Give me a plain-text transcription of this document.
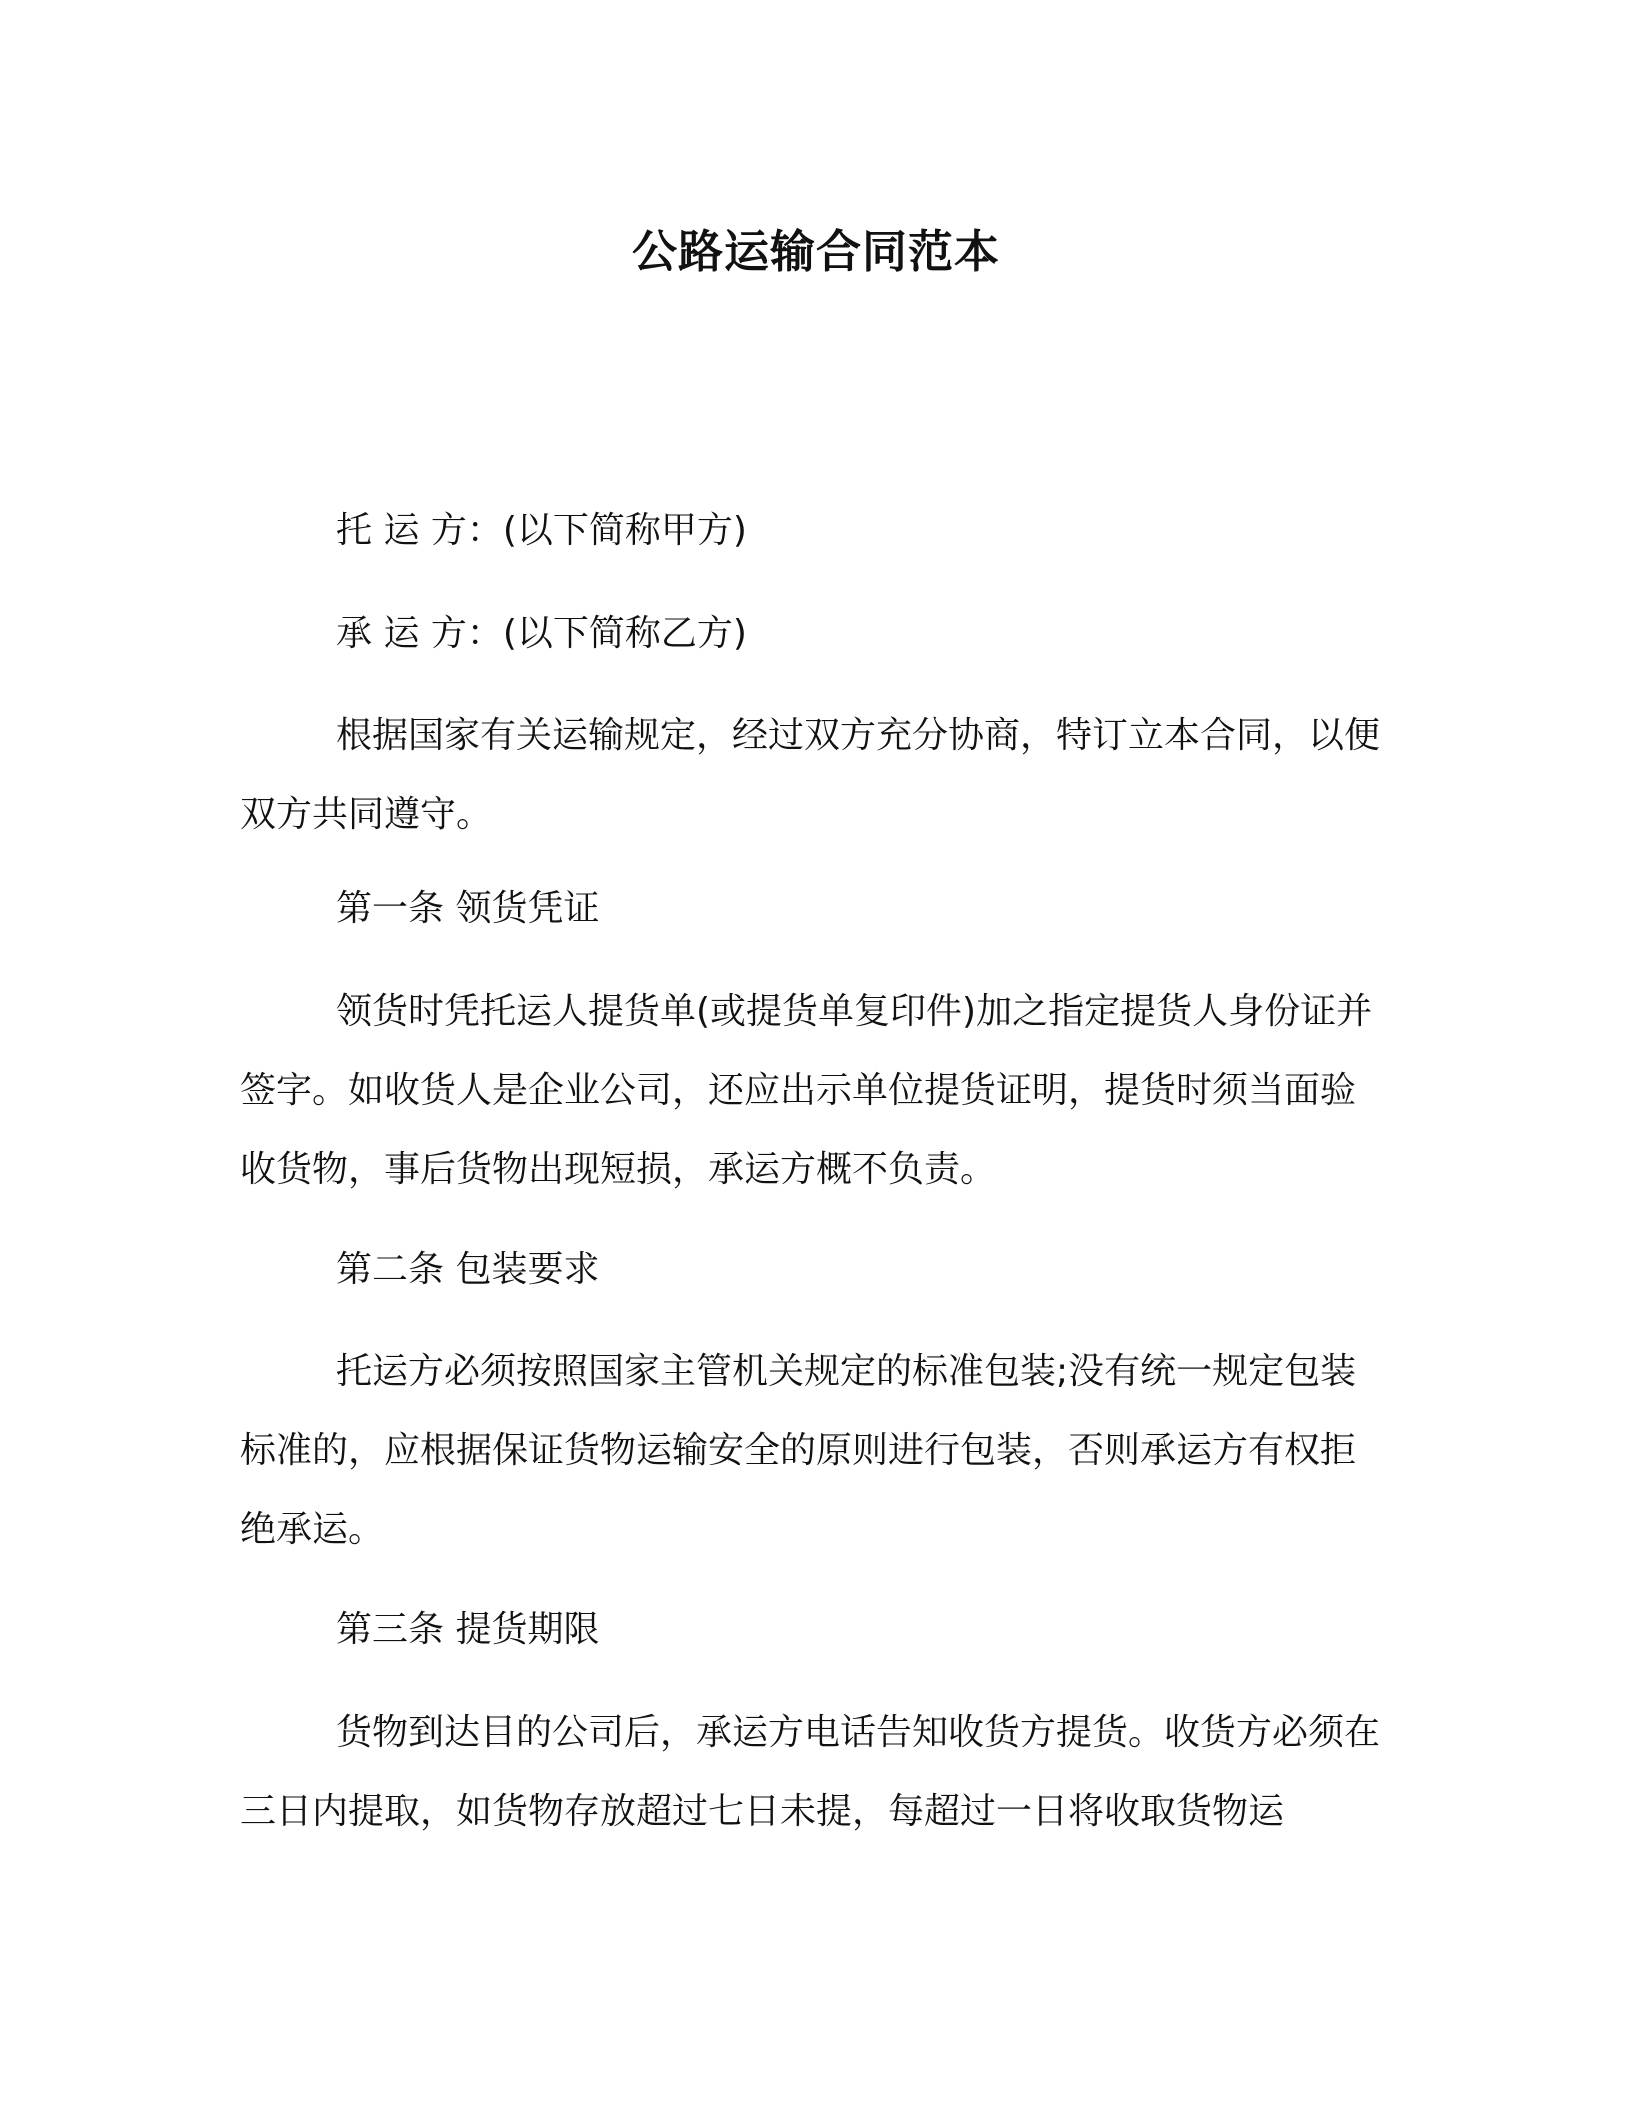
公路运输合同范本

托 运 方：(以下简称甲方)

承 运 方：(以下简称乙方)

根据国家有关运输规定，经过双方充分协商，特订立本合同，以便双方共同遵守。

第一条 领货凭证

领货时凭托运人提货单(或提货单复印件)加之指定提货人身份证并签字。如收货人是企业公司，还应出示单位提货证明，提货时须当面验收货物，事后货物出现短损，承运方概不负责。

第二条 包装要求

托运方必须按照国家主管机关规定的标准包装;没有统一规定包装标准的，应根据保证货物运输安全的原则进行包装，否则承运方有权拒绝承运。

第三条 提货期限

货物到达目的公司后，承运方电话告知收货方提货。收货方必须在三日内提取，如货物存放超过七日未提，每超过一日将收取货物运
